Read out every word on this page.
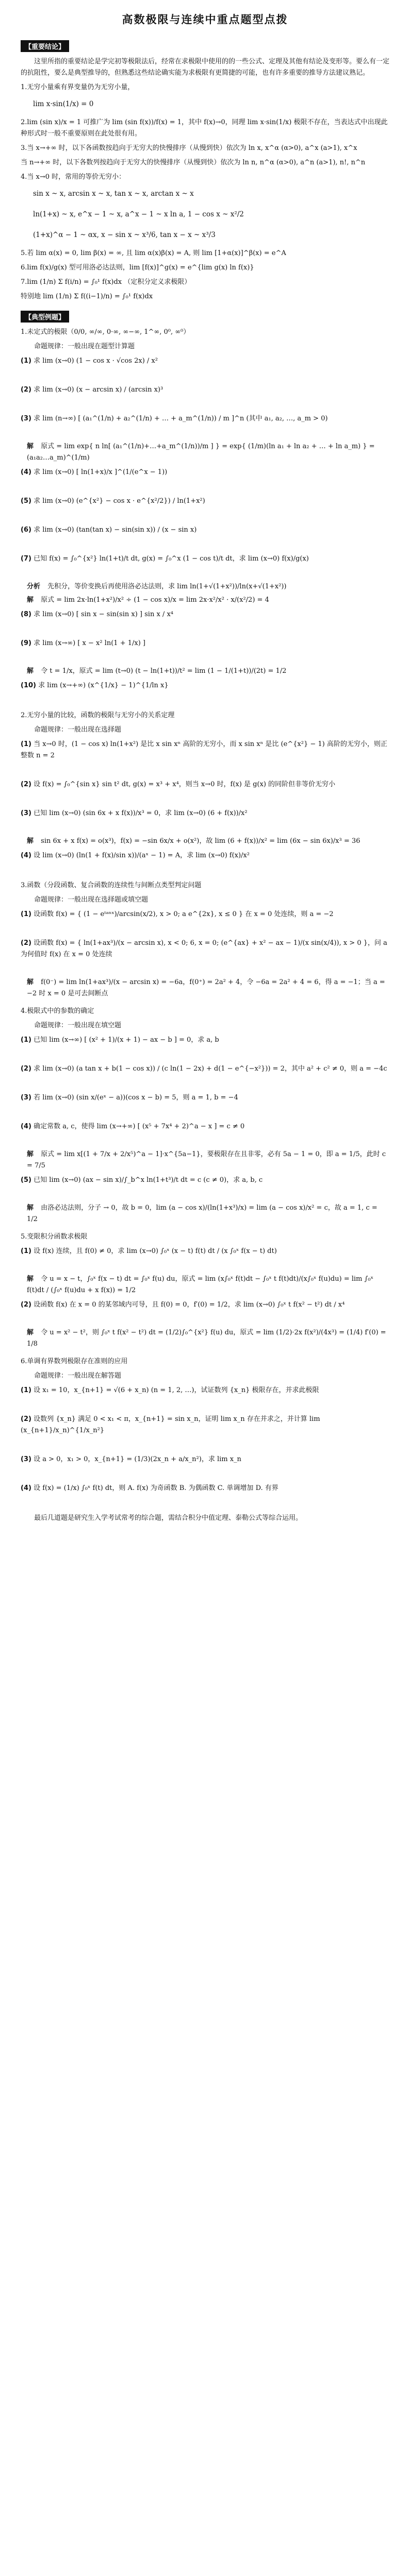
高数极限与连续中重点题型点拨
【重要结论】

这里所指的重要结论是学完初等极限法后，经常在求极限中使用的的一些公式、定理及其他有结论及变形等。要么有一定的抗阻性，要么是典型推导的，但熟悉这些结论确实能为求极限有更简捷的可能，也有许多重要的推导方法建议熟记。

1.无穷小量乘有界变量仍为无穷小量，

lim x·sin(1/x) = 0

2.lim (sin x)/x = 1 可推广为 lim (sin f(x))/f(x) = 1，其中 f(x)→0，同理 lim x·sin(1/x) 极限不存在，当表达式中出现此种形式时一般不重要原则在此处很有用。

3.当 x→+∞ 时，以下各函数按趋向于无穷大的快慢排序（从慢到快）依次为 ln x, x^α (α>0), a^x (a>1), x^x

当 n→+∞ 时，以下各数列按趋向于无穷大的快慢排序（从慢到快）依次为 ln n, n^α (α>0), a^n (a>1), n!, n^n

4.当 x→0 时，常用的等价无穷小：

sin x ~ x, arcsin x ~ x, tan x ~ x, arctan x ~ x
ln(1+x) ~ x, e^x − 1 ~ x, a^x − 1 ~ x ln a, 1 − cos x ~ x²/2
(1+x)^α − 1 ~ αx, x − sin x ~ x³/6, tan x − x ~ x³/3

5.若 lim α(x) = 0, lim β(x) = ∞, 且 lim α(x)β(x) = A, 则 lim [1+α(x)]^β(x) = e^A

6.lim f(x)/g(x) 型可用洛必达法则，lim [f(x)]^g(x) = e^{lim g(x) ln f(x)}

7.lim (1/n) Σ f(i/n) = ∫₀¹ f(x)dx （定积分定义求极限）

特别地 lim (1/n) Σ f((i−1)/n) = ∫₀¹ f(x)dx

【典型例题】

1.未定式的极限（0/0, ∞/∞, 0·∞, ∞−∞, 1^∞, 0⁰, ∞⁰）

命题规律：一般出现在题型计算题

(1) 求 lim (x→0) (1 − cos x · √cos 2x) / x²
(2) 求 lim (x→0) (x − arcsin x) / (arcsin x)³
(3) 求 lim (n→∞) [ (a₁^(1/n) + a₂^(1/n) + … + a_m^(1/n)) / m ]^n (其中 a₁, a₂, …, a_m > 0)
解 原式 = lim exp{ n ln[ (a₁^(1/n)+…+a_m^(1/n))/m ] } = exp{ (1/m)(ln a₁ + ln a₂ + … + ln a_m) } = (a₁a₂…a_m)^(1/m)
(4) 求 lim (x→0) [ ln(1+x)/x ]^(1/(e^x − 1))
(5) 求 lim (x→0) (e^{x²} − cos x · e^{x²/2}) / ln(1+x²)
(6) 求 lim (x→0) (tan(tan x) − sin(sin x)) / (x − sin x)
(7) 已知 f(x) = ∫₀^{x²} ln(1+t)/t dt, g(x) = ∫₀^x (1 − cos t)/t dt，求 lim (x→0) f(x)/g(x)
分析 先积分，等价变换后再使用洛必达法则，求 lim ln(1+√(1+x²))/ln(x+√(1+x²))
解 原式 = lim 2x·ln(1+x²)/x² ÷ (1 − cos x)/x = lim 2x·x²/x² · x/(x²/2) = 4
(8) 求 lim (x→0) [ sin x − sin(sin x) ] sin x / x⁴
(9) 求 lim (x→∞) [ x − x² ln(1 + 1/x) ]
解 令 t = 1/x，原式 = lim (t→0) (t − ln(1+t))/t² = lim (1 − 1/(1+t))/(2t) = 1/2
(10) 求 lim (x→+∞) (x^{1/x} − 1)^{1/ln x}

2.无穷小量的比较，函数的极限与无穷小的关系定理

命题规律：一般出现在选择题

(1) 当 x→0 时，(1 − cos x) ln(1+x²) 是比 x sin xⁿ 高阶的无穷小，而 x sin xⁿ 是比 (e^{x²} − 1) 高阶的无穷小，则正整数 n = 2
(2) 设 f(x) = ∫₀^{sin x} sin t² dt, g(x) = x³ + x⁴，则当 x→0 时，f(x) 是 g(x) 的同阶但非等价无穷小
(3) 已知 lim (x→0) (sin 6x + x f(x))/x³ = 0，求 lim (x→0) (6 + f(x))/x²
解 sin 6x + x f(x) = o(x³)，f(x) = −sin 6x/x + o(x²)，故 lim (6 + f(x))/x² = lim (6x − sin 6x)/x³ = 36
(4) 设 lim (x→0) (ln(1 + f(x)/sin x))/(aˣ − 1) = A，求 lim (x→0) f(x)/x²

3.函数（分段函数、复合函数的连续性与间断点类型判定问题

命题规律：一般出现在选择题或填空题

(1) 设函数 f(x) = { (1 − eᵗᵃⁿˣ)/arcsin(x/2), x > 0; a e^{2x}, x ≤ 0 } 在 x = 0 处连续，则 a = −2
(2) 设函数 f(x) = { ln(1+ax³)/(x − arcsin x), x < 0; 6, x = 0; (e^{ax} + x² − ax − 1)/(x sin(x/4)), x > 0 }，问 a 为何值时 f(x) 在 x = 0 处连续
解 f(0⁻) = lim ln(1+ax³)/(x − arcsin x) = −6a，f(0⁺) = 2a² + 4，令 −6a = 2a² + 4 = 6，得 a = −1；当 a = −2 时 x = 0 是可去间断点

4.极限式中的参数的确定

命题规律：一般出现在填空题

(1) 已知 lim (x→∞) [ (x² + 1)/(x + 1) − ax − b ] = 0，求 a, b
(2) 求 lim (x→0) (a tan x + b(1 − cos x)) / (c ln(1 − 2x) + d(1 − e^{−x²})) = 2，其中 a² + c² ≠ 0，则 a = −4c
(3) 若 lim (x→0) (sin x/(eˣ − a))(cos x − b) = 5，则 a = 1, b = −4
(4) 确定常数 a, c，使得 lim (x→+∞) [ (x⁵ + 7x⁴ + 2)^a − x ] = c ≠ 0
解 原式 = lim x[(1 + 7/x + 2/x⁵)^a − 1]·x^{5a−1}，要极限存在且非零，必有 5a − 1 = 0，即 a = 1/5，此时 c = 7/5
(5) 已知 lim (x→0) (ax − sin x)/∫_b^x ln(1+t³)/t dt = c (c ≠ 0)，求 a, b, c
解 由洛必达法则，分子 → 0，故 b = 0，lim (a − cos x)/(ln(1+x³)/x) = lim (a − cos x)/x² = c，故 a = 1, c = 1/2

5.变限积分函数求极限

(1) 设 f(x) 连续，且 f(0) ≠ 0，求 lim (x→0) ∫₀ˣ (x − t) f(t) dt / (x ∫₀ˣ f(x − t) dt)
解 令 u = x − t，∫₀ˣ f(x − t) dt = ∫₀ˣ f(u) du，原式 = lim (x∫₀ˣ f(t)dt − ∫₀ˣ t f(t)dt)/(x∫₀ˣ f(u)du) = lim ∫₀ˣ f(t)dt / (∫₀ˣ f(u)du + x f(x)) = 1/2
(2) 设函数 f(x) 在 x = 0 的某邻域内可导，且 f(0) = 0，f′(0) = 1/2，求 lim (x→0) ∫₀ˣ t f(x² − t²) dt / x⁴
解 令 u = x² − t²，则 ∫₀ˣ t f(x² − t²) dt = (1/2)∫₀^{x²} f(u) du，原式 = lim (1/2)·2x f(x²)/(4x³) = (1/4) f′(0) = 1/8

6.单调有界数列极限存在准则的应用

命题规律：一般出现在解答题

(1) 设 x₁ = 10，x_{n+1} = √(6 + x_n) (n = 1, 2, …)，试证数列 {x_n} 极限存在，并求此极限
(2) 设数列 {x_n} 满足 0 < x₁ < π，x_{n+1} = sin x_n，证明 lim x_n 存在并求之，并计算 lim (x_{n+1}/x_n)^{1/x_n²}
(3) 设 a > 0，x₁ > 0，x_{n+1} = (1/3)(2x_n + a/x_n²)，求 lim x_n
(4) 设 f(x) = (1/x) ∫₀ˣ f(t) dt，则 A. f(x) 为奇函数 B. 为偶函数 C. 单调增加 D. 有界

最后几道题是研究生入学考试常考的综合题，需结合积分中值定理、泰勒公式等综合运用。
